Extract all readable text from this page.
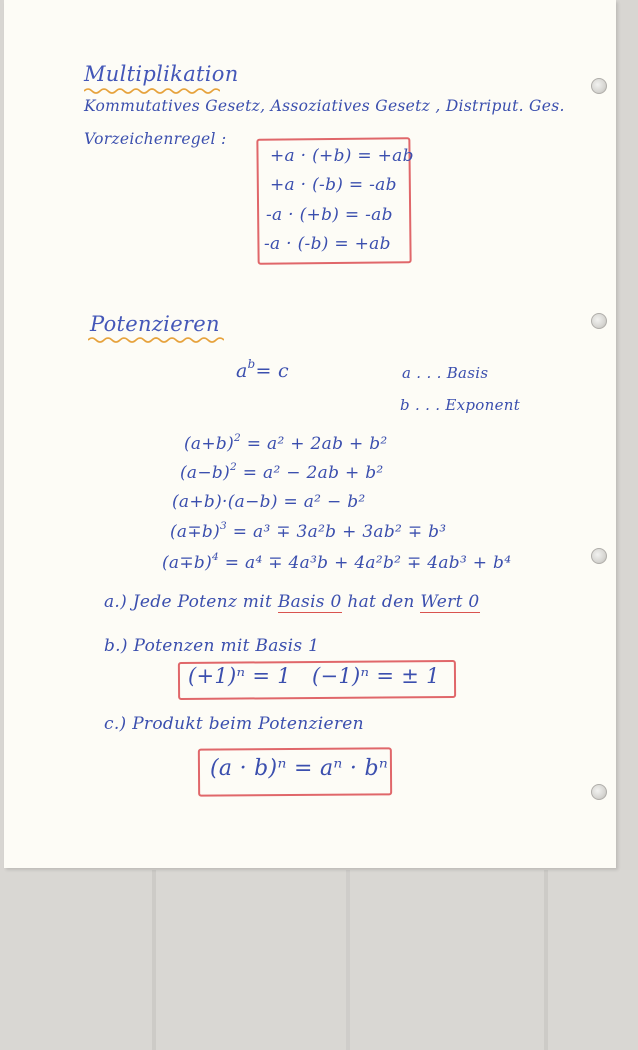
Multiplikation
Kommutatives Gesetz, Assoziatives Gesetz , Distriput. Ges.
Vorzeichenregel :
+a · (+b) = +ab
+a · (-b) = -ab
-a · (+b) = -ab
-a · (-b) = +ab
Potenzieren
$a^b= c$	a . . . Basis
b . . . Exponent
$(a+b)^2 = a^2 + 2ab + b^2$
$(a-b)^2 = a^2 - 2ab + b^2$
(a+b)·(a−b) = a² − b²
$(a\mp b)^3 = a^3 \mp 3a^2b + 3ab^2 \mp b^3$
$(a\mp b)^4 = a^4 \mp 4a^3b + 4a^2b^2 \mp 4ab^3 + b^4$
a.) Jede Potenz mit Basis 0 hat den Wert 0
b.) Potenzen mit Basis 1
(+1)ⁿ = 1 (−1)ⁿ = ± 1
c.) Produkt beim Potenzieren
(a · b)ⁿ = aⁿ · bⁿ
